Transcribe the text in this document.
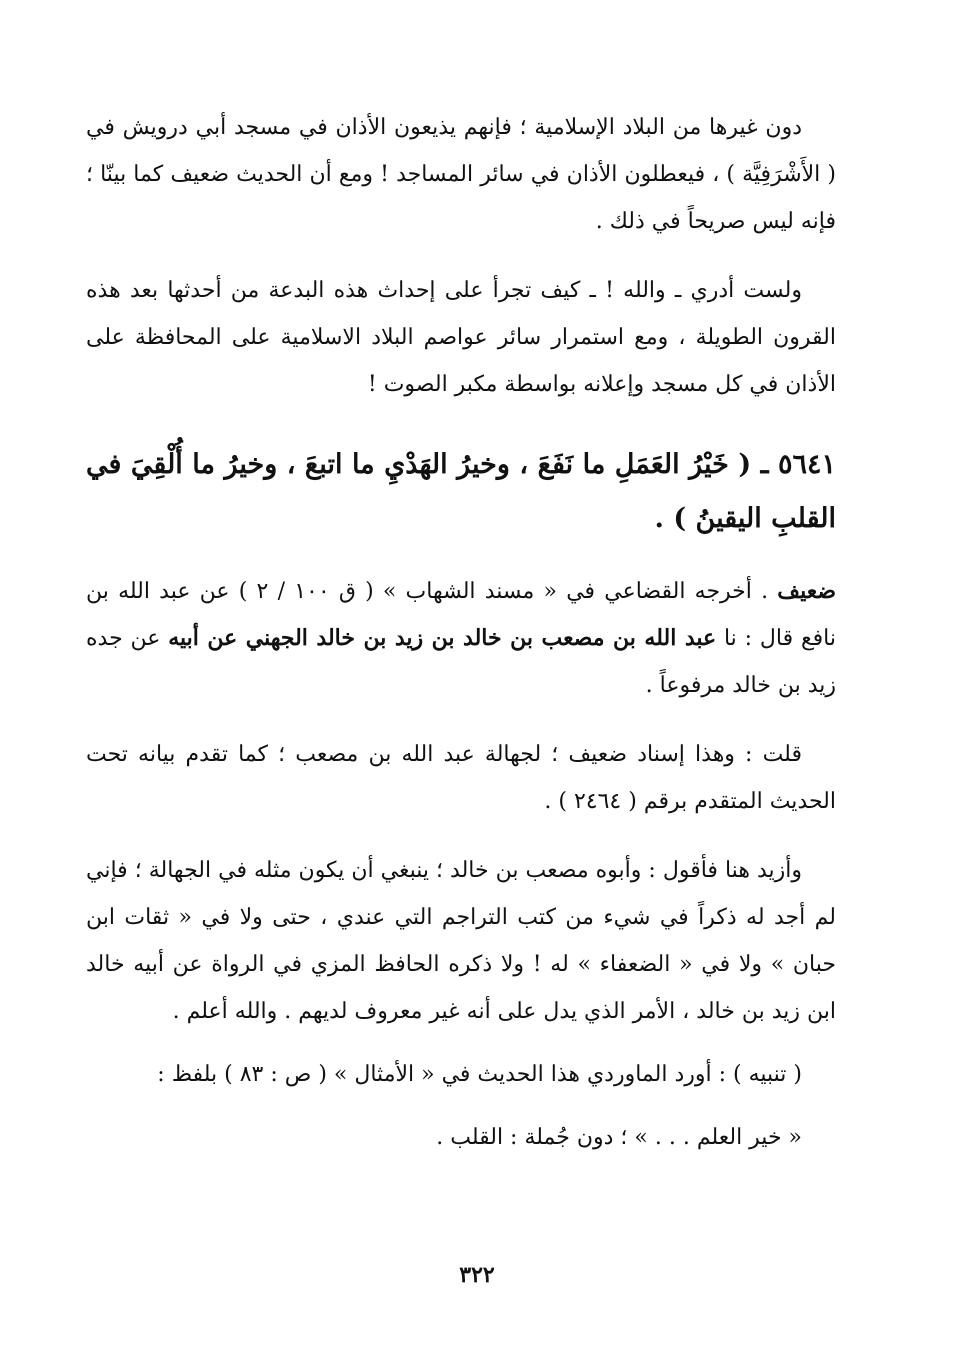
دون غيرها من البلاد الإسلامية ؛ فإنهم يذيعون الأذان في مسجد أبي درويش في ( الأَشْرَفِيَّة ) ، فيعطلون الأذان في سائر المساجد ! ومع أن الحديث ضعيف كما بينّا ؛ فإنه ليس صريحاً في ذلك .

ولست أدري ـ والله ! ـ كيف تجرأ على إحداث هذه البدعة من أحدثها بعد هذه القرون الطويلة ، ومع استمرار سائر عواصم البلاد الاسلامية على المحافظة على الأذان في كل مسجد وإعلانه بواسطة مكبر الصوت !

٥٦٤١ ـ ( خَيْرُ العَمَلِ ما نَفَعَ ، وخيرُ الهَدْيِ ما اتبعَ ، وخيرُ ما أُلْقِيَ في القلبِ اليقينُ ) .

ضعيف . أخرجه القضاعي في « مسند الشهاب » ( ق ١٠٠ / ٢ ) عن عبد الله بن نافع قال : نا عبد الله بن مصعب بن خالد بن زيد بن خالد الجهني عن أبيه عن جده زيد بن خالد مرفوعاً .

قلت : وهذا إسناد ضعيف ؛ لجهالة عبد الله بن مصعب ؛ كما تقدم بيانه تحت الحديث المتقدم برقم ( ٢٤٦٤ ) .

وأزيد هنا فأقول : وأبوه مصعب بن خالد ؛ ينبغي أن يكون مثله في الجهالة ؛ فإني لم أجد له ذكراً في شيء من كتب التراجم التي عندي ، حتى ولا في « ثقات ابن حبان » ولا في « الضعفاء » له ! ولا ذكره الحافظ المزي في الرواة عن أبيه خالد ابن زيد بن خالد ، الأمر الذي يدل على أنه غير معروف لديهم . والله أعلم .

( تنبيه ) : أورد الماوردي هذا الحديث في « الأمثال » ( ص : ٨٣ ) بلفظ :

« خير العلم . . . » ؛ دون جُملة : القلب .

٣٢٢
